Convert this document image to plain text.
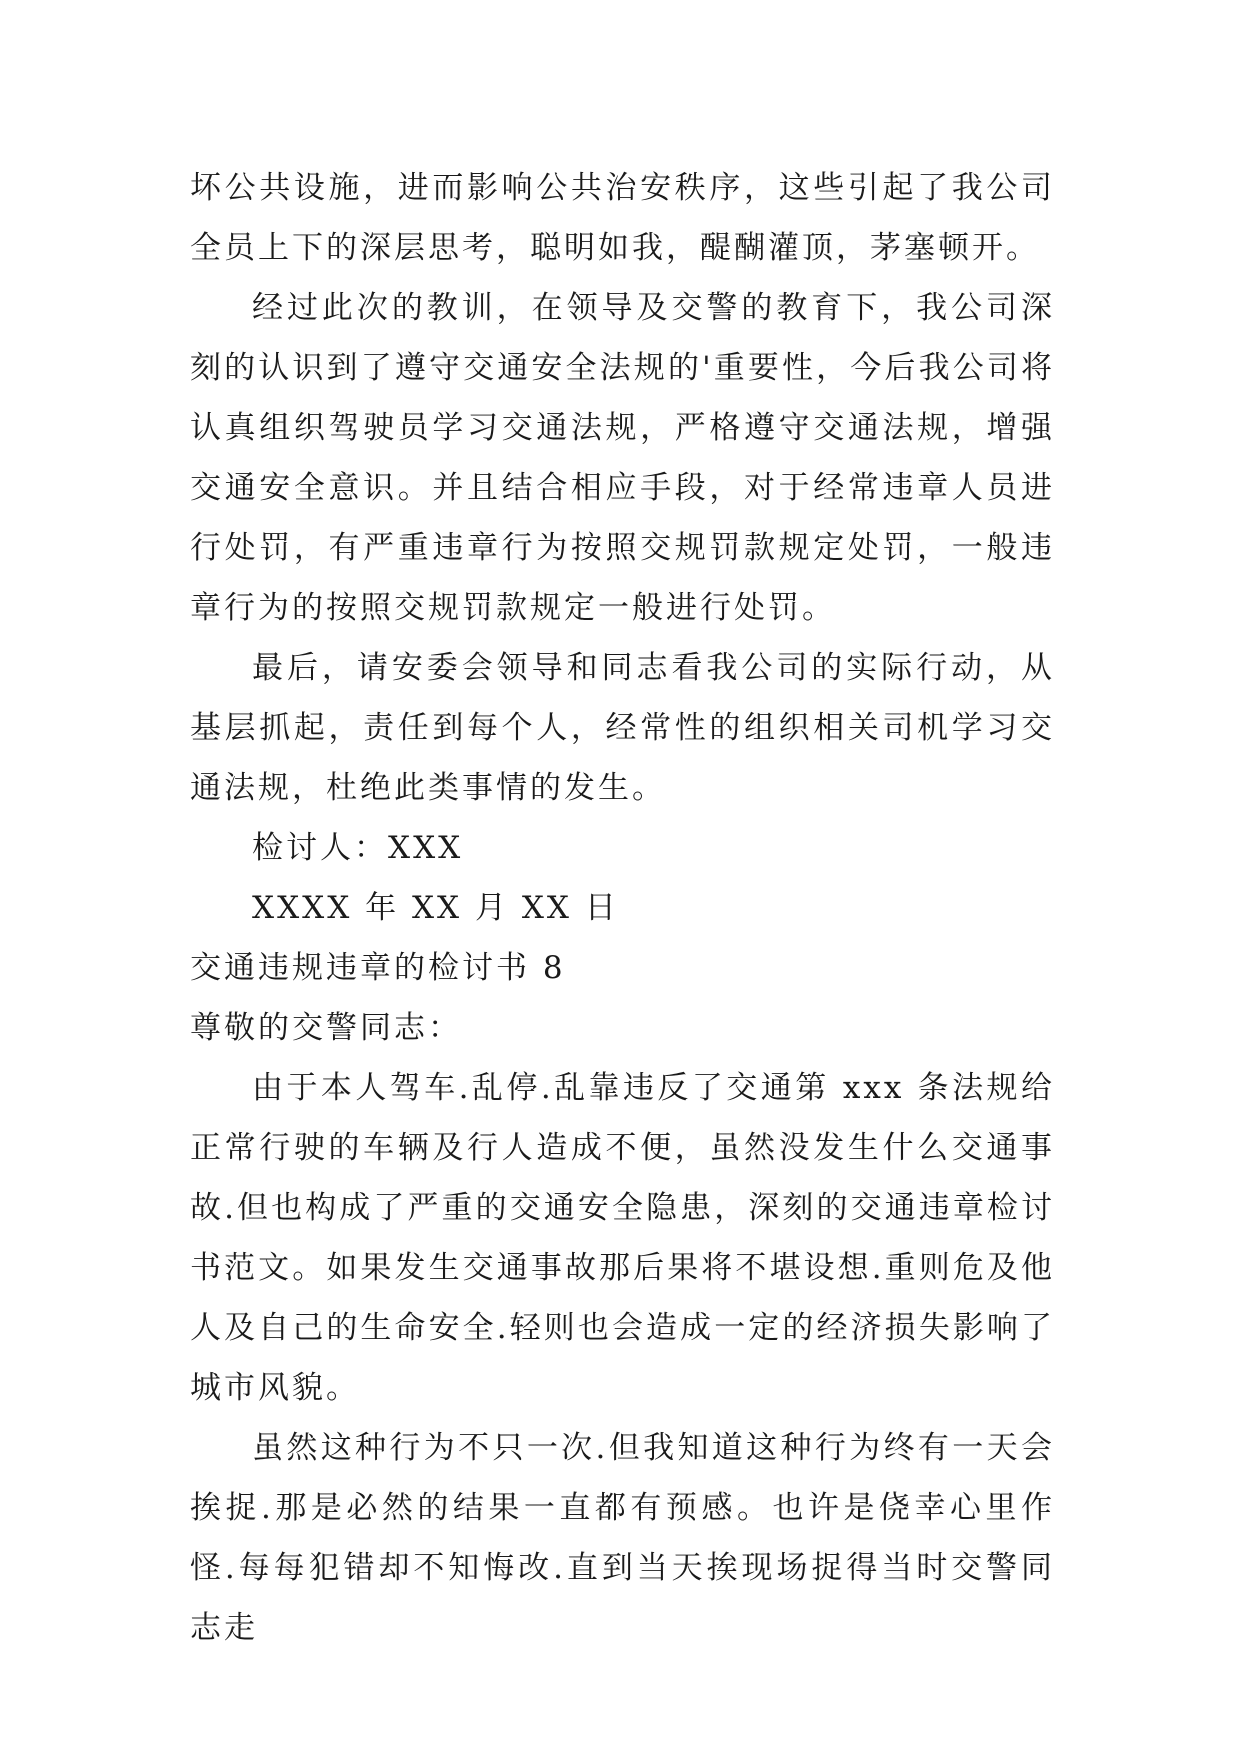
坏公共设施，进而影响公共治安秩序，这些引起了我公司全员上下的深层思考，聪明如我，醍醐灌顶，茅塞顿开。

经过此次的教训，在领导及交警的教育下，我公司深刻的认识到了遵守交通安全法规的'重要性，今后我公司将认真组织驾驶员学习交通法规，严格遵守交通法规，增强交通安全意识。并且结合相应手段，对于经常违章人员进行处罚，有严重违章行为按照交规罚款规定处罚，一般违章行为的按照交规罚款规定一般进行处罚。

最后，请安委会领导和同志看我公司的实际行动，从基层抓起，责任到每个人，经常性的组织相关司机学习交通法规，杜绝此类事情的发生。

检讨人：XXX

XXXX 年 XX 月 XX 日

交通违规违章的检讨书 8

尊敬的交警同志：

由于本人驾车.乱停.乱靠违反了交通第 xxx 条法规给正常行驶的车辆及行人造成不便，虽然没发生什么交通事故.但也构成了严重的交通安全隐患，深刻的交通违章检讨书范文。如果发生交通事故那后果将不堪设想.重则危及他人及自己的生命安全.轻则也会造成一定的经济损失影响了城市风貌。

虽然这种行为不只一次.但我知道这种行为终有一天会挨捉.那是必然的结果一直都有预感。也许是侥幸心里作怪.每每犯错却不知悔改.直到当天挨现场捉得当时交警同志走
